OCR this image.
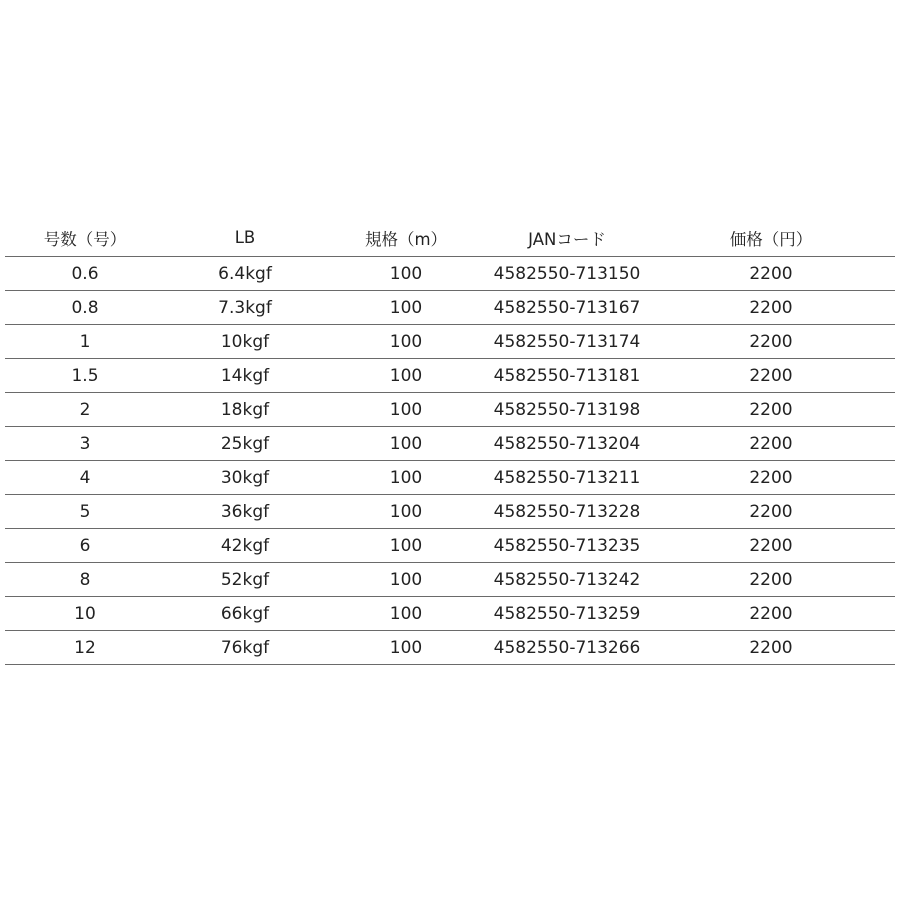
号数（号）	LB	規格（m）	JANコード	価格（円）
0.6	6.4kgf	100	4582550-713150	2200
0.8	7.3kgf	100	4582550-713167	2200
1	10kgf	100	4582550-713174	2200
1.5	14kgf	100	4582550-713181	2200
2	18kgf	100	4582550-713198	2200
3	25kgf	100	4582550-713204	2200
4	30kgf	100	4582550-713211	2200
5	36kgf	100	4582550-713228	2200
6	42kgf	100	4582550-713235	2200
8	52kgf	100	4582550-713242	2200
10	66kgf	100	4582550-713259	2200
12	76kgf	100	4582550-713266	2200
